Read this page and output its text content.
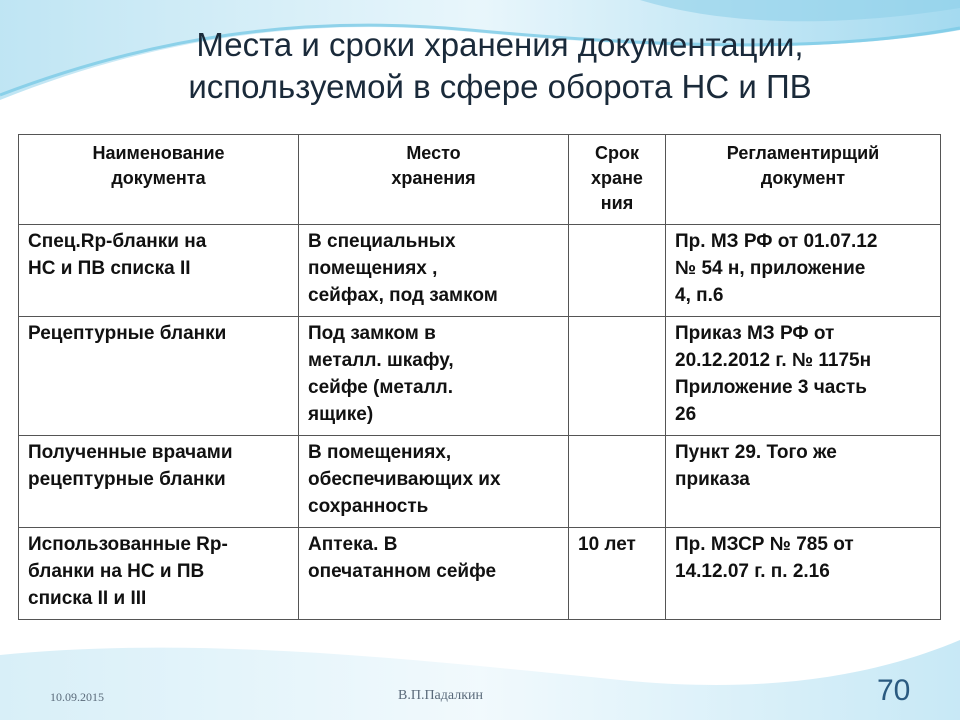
Места и сроки хранения документации,
используемой в сфере оборота НС и ПВ
Наименование
документа	Место
хранения	Срок
хране
ния	Регламентирщий
документ

Спец.Rp-бланки на
НС и ПВ списка II	В специальных
помещениях ,
сейфах, под замком		Пр. МЗ РФ от 01.07.12
№ 54 н, приложение
4, п.6

Рецептурные бланки	Под замком в
металл. шкафу,
сейфе (металл.
ящике)		Приказ МЗ РФ от
20.12.2012 г. № 1175н
Приложение 3 часть
26

Полученные врачами
рецептурные бланки	В помещениях,
обеспечивающих их
сохранность		Пункт 29. Того же
приказа

Использованные Rp-
бланки на НС и ПВ
списка II и III	Аптека. В
опечатанном сейфе	10 лет	Пр. МЗСР № 785 от
14.12.07 г. п. 2.16
10.09.2015	В.П.Падалкин	70
